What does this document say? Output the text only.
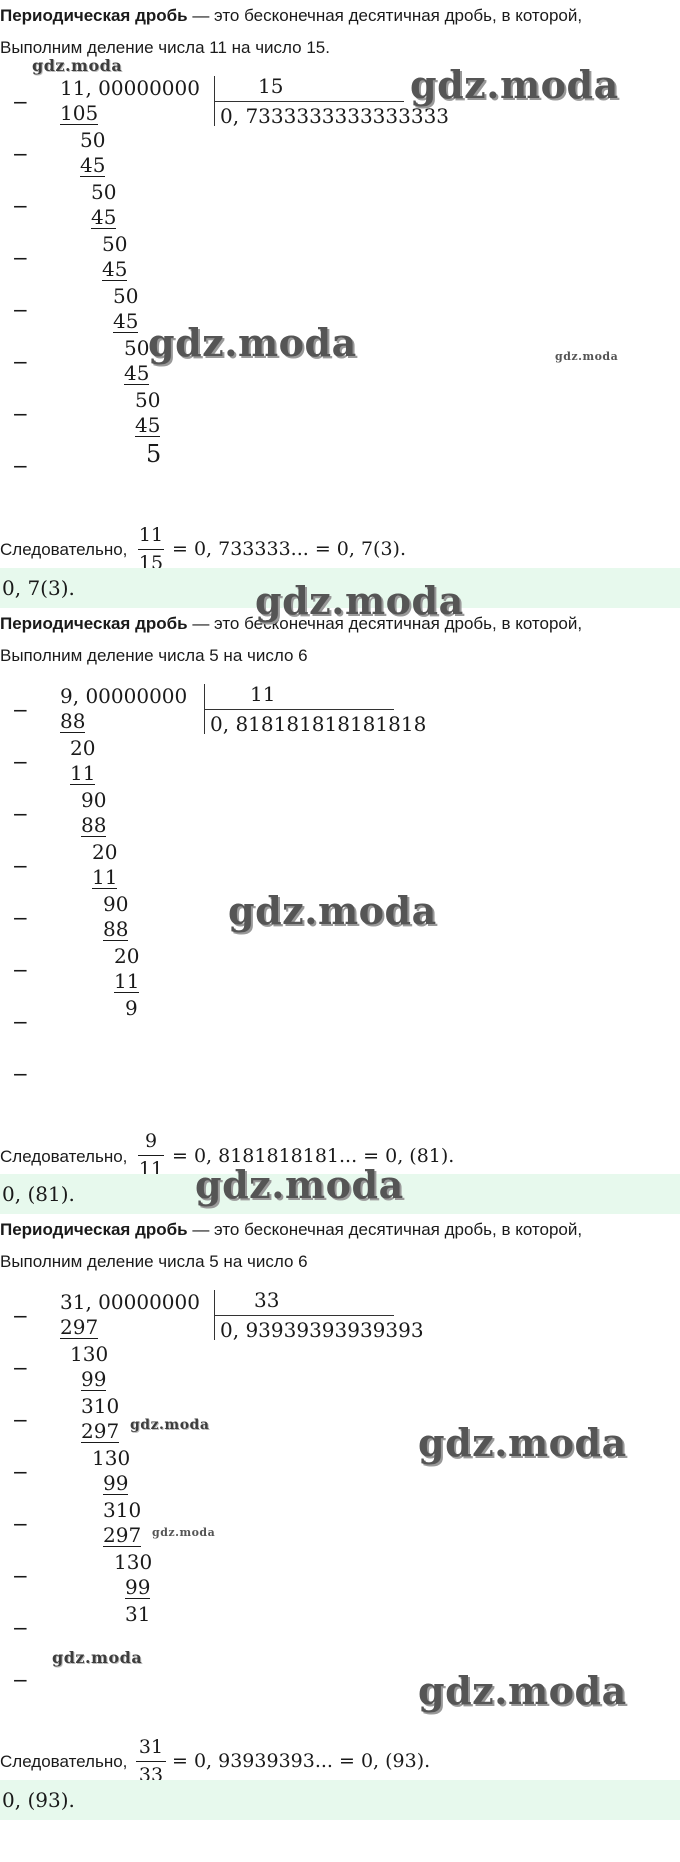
Периодическая дробь — это бесконечная десятичная дробь, в которой,
Выполним деление числа 11 на число 15.
11, 00000000	15
0, 7333333333333333
−
−
−
−
−
−
−
−
105
50
45
50
45
50
45
50
45
50
45
50
45
5
Следовательно,
11
15
= 0, 733333... = 0, 7(3).
0, 7(3).
Периодическая дробь — это бесконечная десятичная дробь, в которой,
Выполним деление числа 5 на число 6
9, 00000000	11
0, 818181818181818
−
−
−
−
−
−
−
−
88
20
11
90
88
20
11
90
88
20
11
9
Следовательно,
9
11
= 0, 8181818181... = 0, (81).
0, (81).
Периодическая дробь — это бесконечная десятичная дробь, в которой,
Выполним деление числа 5 на число 6
31, 00000000	33
0, 93939393939393
−
−
−
−
−
−
−
−
297
130
99
310
297
130
99
310
297
130
99
31
Следовательно,
31
33
= 0, 93939393... = 0, (93).
0, (93).
gdz.moda	gdz.moda
gdz.moda	gdz.moda
gdz.moda
gdz.moda
gdz.moda
gdz.moda	gdz.moda
gdz.moda
gdz.moda
gdz.moda
